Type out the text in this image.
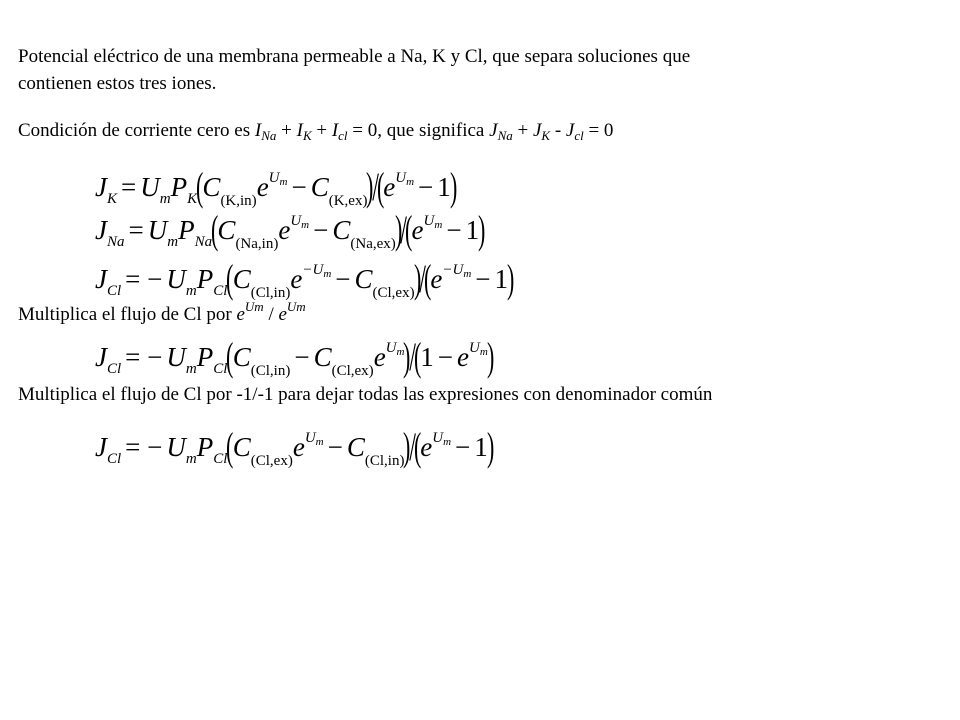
Potencial eléctrico de una membrana permeable a Na, K y Cl, que separa soluciones que
contienen estos tres iones.
Condición de corriente cero es $I_{Na} + I_K + I_{cl} = 0$, que significa $J_{Na} + J_K - J_{cl} = 0$
$J_K = U_mP_K(C_{(K,in)}e^{U_m} - C_{(K,ex)})/(e^{U_m} - 1)$
$J_{Na} = U_mP_{Na}(C_{(Na,in)}e^{U_m} - C_{(Na,ex)})/(e^{U_m} - 1)$
$J_{Cl}$ = − $U_mP_{Cl}(C_{(Cl,in)}e^{-U_m} - C_{(Cl,ex)})/(e^{-U_m} - 1)$
Multiplica el flujo de Cl por $e^{Um} / e^{Um}$
$J_{Cl}$ = − $U_mP_{Cl}(C_{(Cl,in)} - C_{(Cl,ex)}e^{U_m})/(1 - e^{U_m})$
Multiplica el flujo de Cl por -1/-1 para dejar todas las expresiones con denominador común
$J_{Cl}$ = − $U_mP_{Cl}(C_{(Cl,ex)}e^{U_m} - C_{(Cl,in)})/(e^{U_m} - 1)$
